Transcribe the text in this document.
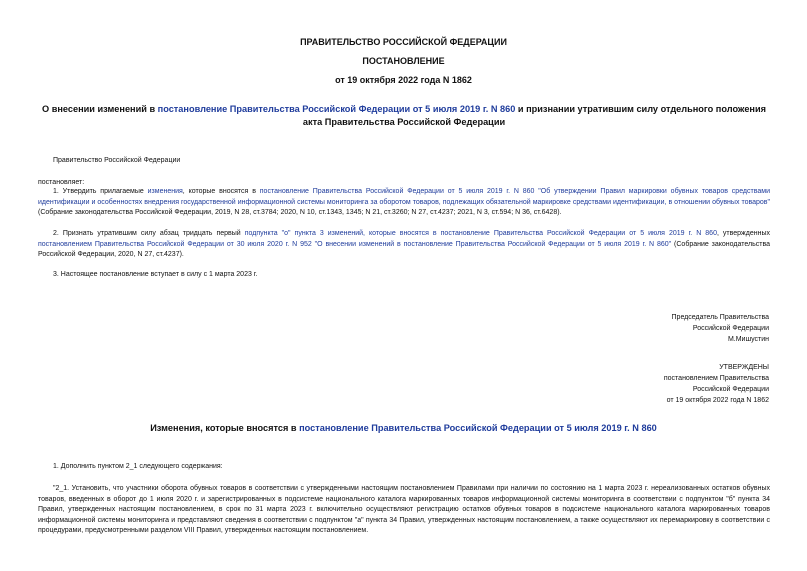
ПРАВИТЕЛЬСТВО РОССИЙСКОЙ ФЕДЕРАЦИИ
ПОСТАНОВЛЕНИЕ
от 19 октября 2022 года N 1862
О внесении изменений в постановление Правительства Российской Федерации от 5 июля 2019 г. N 860 и признании утратившим силу отдельного положения акта Правительства Российской Федерации
Правительство Российской Федерации
постановляет:
1. Утвердить прилагаемые изменения, которые вносятся в постановление Правительства Российской Федерации от 5 июля 2019 г. N 860 "Об утверждении Правил маркировки обувных товаров средствами идентификации и особенностях внедрения государственной информационной системы мониторинга за оборотом товаров, подлежащих обязательной маркировке средствами идентификации, в отношении обувных товаров" (Собрание законодательства Российской Федерации, 2019, N 28, ст.3784; 2020, N 10, ст.1343, 1345; N 21, ст.3260; N 27, ст.4237; 2021, N 3, ст.594; N 36, ст.6428).
2. Признать утратившим силу абзац тридцать первый подпункта "о" пункта 3 изменений, которые вносятся в постановление Правительства Российской Федерации от 5 июля 2019 г. N 860, утвержденных постановлением Правительства Российской Федерации от 30 июля 2020 г. N 952 "О внесении изменений в постановление Правительства Российской Федерации от 5 июля 2019 г. N 860" (Собрание законодательства Российской Федерации, 2020, N 27, ст.4237).
3. Настоящее постановление вступает в силу с 1 марта 2023 г.
Председатель Правительства
Российской Федерации
М.Мишустин
УТВЕРЖДЕНЫ
постановлением Правительства
Российской Федерации
от 19 октября 2022 года N 1862
Изменения, которые вносятся в постановление Правительства Российской Федерации от 5 июля 2019 г. N 860
1. Дополнить пунктом 2_1 следующего содержания:
"2_1. Установить, что участники оборота обувных товаров в соответствии с утвержденными настоящим постановлением Правилами при наличии по состоянию на 1 марта 2023 г. нереализованных остатков обувных товаров, введенных в оборот до 1 июля 2020 г. и зарегистрированных в подсистеме национального каталога маркированных товаров информационной системы мониторинга в соответствии с подпунктом "б" пункта 34 Правил, утвержденных настоящим постановлением, в срок по 31 марта 2023 г. включительно осуществляют регистрацию остатков обувных товаров в подсистеме национального каталога маркированных товаров информационной системы мониторинга и представляют сведения в соответствии с подпунктом "а" пункта 34 Правил, утвержденных настоящим постановлением, а также осуществляют их перемаркировку в соответствии с процедурами, предусмотренными разделом VIII Правил, утвержденных настоящим постановлением.
